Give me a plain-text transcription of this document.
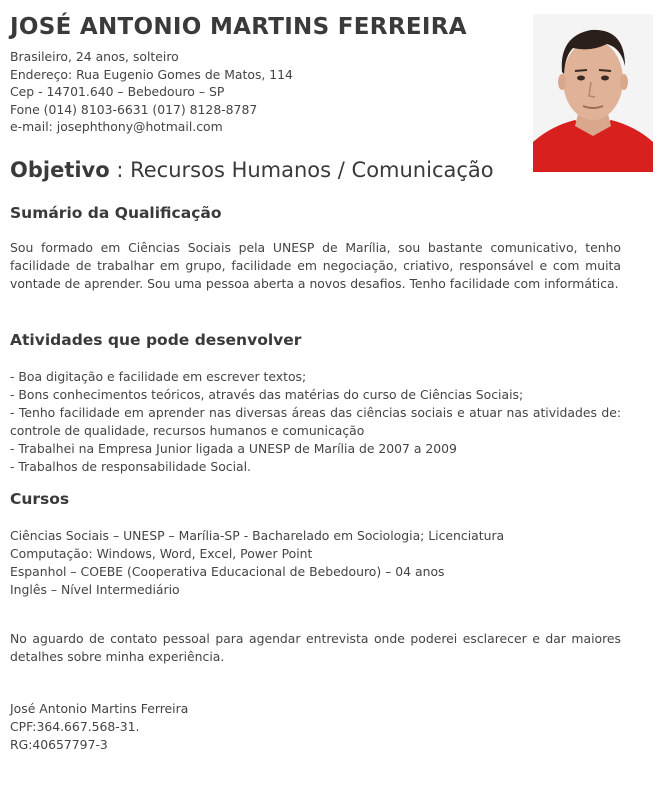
JOSÉ ANTONIO MARTINS FERREIRA
Brasileiro, 24 anos, solteiro
Endereço: Rua Eugenio Gomes de Matos, 114
Cep - 14701.640 – Bebedouro – SP
Fone (014) 8103-6631 (017) 8128-8787
e-mail: josephthony@hotmail.com
Objetivo : Recursos Humanos / Comunicação
Sumário da Qualificação
Sou formado em Ciências Sociais pela UNESP de Marília, sou bastante comunicativo, tenho facilidade de trabalhar em grupo, facilidade em negociação, criativo, responsável e com muita vontade de aprender. Sou uma pessoa aberta a novos desafios. Tenho facilidade com informática.
Atividades que pode desenvolver
- Boa digitação e facilidade em escrever textos;
- Bons conhecimentos teóricos, através das matérias do curso de Ciências Sociais;
- Tenho facilidade em aprender nas diversas áreas das ciências sociais e atuar nas atividades de: controle de qualidade, recursos humanos e comunicação
- Trabalhei na Empresa Junior ligada a UNESP de Marília de 2007 a 2009
- Trabalhos de responsabilidade Social.
Cursos
Ciências Sociais – UNESP – Marília-SP - Bacharelado em Sociologia; Licenciatura
Computação: Windows, Word, Excel, Power Point
Espanhol – COEBE (Cooperativa Educacional de Bebedouro) – 04 anos
Inglês – Nível Intermediário
No aguardo de contato pessoal para agendar entrevista onde poderei esclarecer e dar maiores detalhes sobre minha experiência.
José Antonio Martins Ferreira
CPF:364.667.568-31.
RG:40657797-3
